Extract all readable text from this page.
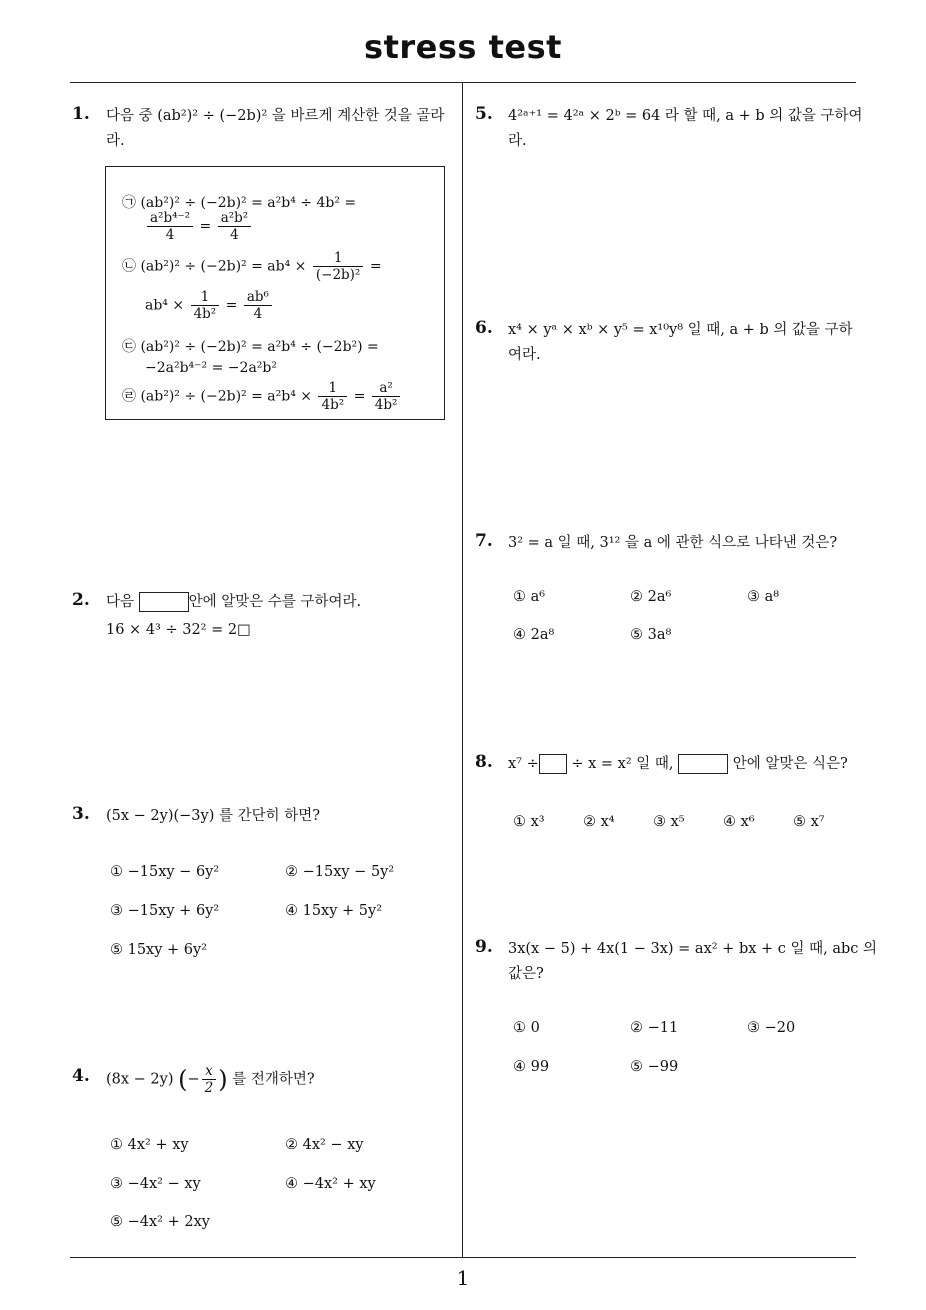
stress test
1
1. 다음 중 (ab²)² ÷ (−2b)² 을 바르게 계산한 것을 골라
라.
㉠ (ab²)² ÷ (−2b)² = a²b⁴ ÷ 4b² =
$\frac{\text{a²b⁴⁻²}}{4} = \frac{\text{a²b²}}{4}$
㉡ $(ab^2)^2 \div (-2b)^2 = ab^4 \times \frac{1}{\text{(−2b)²}}$ =
$ab^4 \times \frac{1}{\text{4b²}} = \frac{\text{ab⁶}}{4}$
㉢ (ab²)² ÷ (−2b)² = a²b⁴ ÷ (−2b²) =
−2a²b⁴⁻² = −2a²b²
㉣ $(ab^2)^2 \div (-2b)^2 = a^2b^4 \times \frac{1}{\text{4b²}} = \frac{\text{a²}}{\text{4b²}}$
2. 다음	안에 알맞은 수를 구하여라.
16 × 4³ ÷ 32² = 2□
3. (5x − 2y)(−3y) 를 간단히 하면?
① −15xy − 6y²	② −15xy − 5y²
③ −15xy + 6y²	④ 15xy + 5y²
⑤ 15xy + 6y²
4. (8x − 2y) (− $\frac{x}{2}$ ) 를 전개하면?
① 4x² + xy	② 4x² − xy
③ −4x² − xy	④ −4x² + xy
⑤ −4x² + 2xy
5. 4²ᵃ⁺¹ = 4²ᵃ × 2ᵇ = 64 라 할 때, a + b 의 값을 구하여
라.
6. x⁴ × yᵃ × xᵇ × y⁵ = x¹⁰y⁸ 일 때, a + b 의 값을 구하
여라.
7. 3² = a 일 때, 3¹² 을 a 에 관한 식으로 나타낸 것은?
① a⁶	② 2a⁶	③ a⁸
④ 2a⁸	⑤ 3a⁸
8. x⁷ ÷ ÷ x = x² 일 때,	안에 알맞은 식은?
① x³	② x⁴	③ x⁵	④ x⁶	⑤ x⁷
9. 3x(x − 5) + 4x(1 − 3x) = ax² + bx + c 일 때, abc 의
값은?
① 0	② −11	③ −20
④ 99	⑤ −99
